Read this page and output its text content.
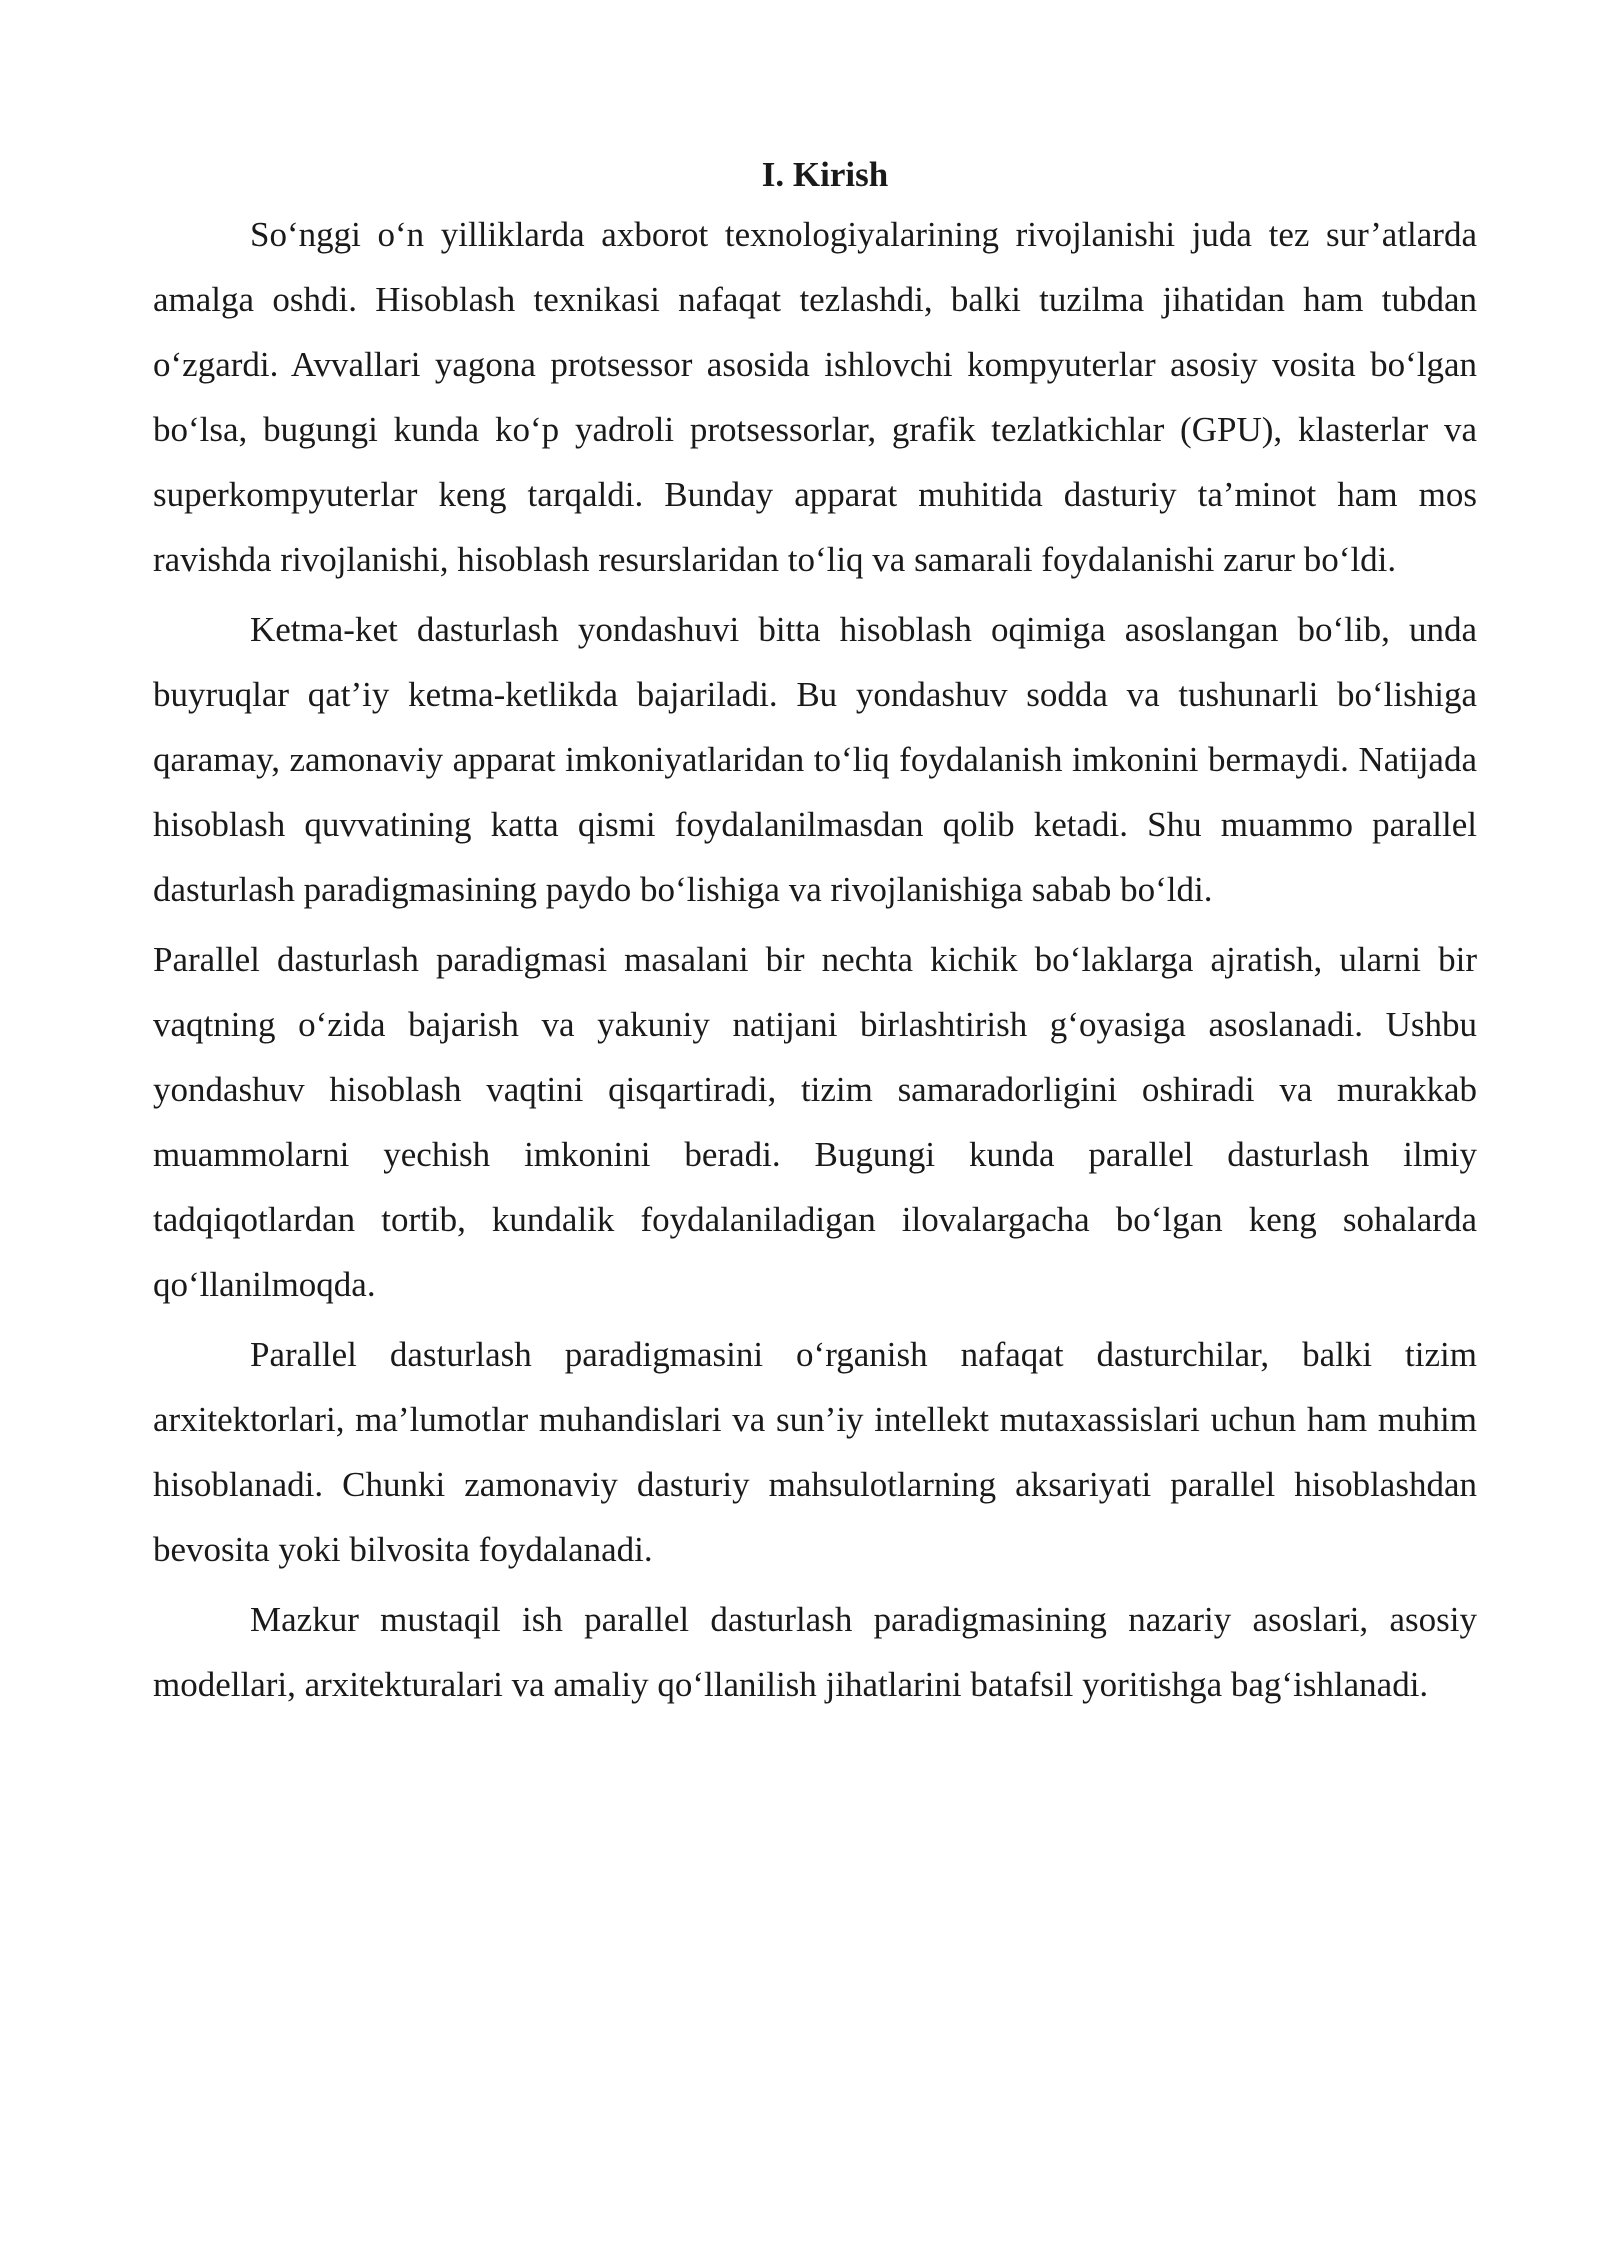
I. Kirish

So‘nggi o‘n yilliklarda axborot texnologiyalarining rivojlanishi juda tez sur’atlarda amalga oshdi. Hisoblash texnikasi nafaqat tezlashdi, balki tuzilma jihatidan ham tubdan o‘zgardi. Avvallari yagona protsessor asosida ishlovchi kompyuterlar asosiy vosita bo‘lgan bo‘lsa, bugungi kunda ko‘p yadroli protsessorlar, grafik tezlatkichlar (GPU), klasterlar va superkompyuterlar keng tarqaldi. Bunday apparat muhitida dasturiy ta’minot ham mos ravishda rivojlanishi, hisoblash resurslaridan to‘liq va samarali foydalanishi zarur bo‘ldi.

Ketma-ket dasturlash yondashuvi bitta hisoblash oqimiga asoslangan bo‘lib, unda buyruqlar qat’iy ketma-ketlikda bajariladi. Bu yondashuv sodda va tushunarli bo‘lishiga qaramay, zamonaviy apparat imkoniyatlaridan to‘liq foydalanish imkonini bermaydi. Natijada hisoblash quvvatining katta qismi foydalanilmasdan qolib ketadi. Shu muammo parallel dasturlash paradigmasining paydo bo‘lishiga va rivojlanishiga sabab bo‘ldi.

Parallel dasturlash paradigmasi masalani bir nechta kichik bo‘laklarga ajratish, ularni bir vaqtning o‘zida bajarish va yakuniy natijani birlashtirish g‘oyasiga asoslanadi. Ushbu yondashuv hisoblash vaqtini qisqartiradi, tizim samaradorligini oshiradi va murakkab muammolarni yechish imkonini beradi. Bugungi kunda parallel dasturlash ilmiy tadqiqotlardan tortib, kundalik foydalaniladigan ilovalargacha bo‘lgan keng sohalarda qo‘llanilmoqda.

Parallel dasturlash paradigmasini o‘rganish nafaqat dasturchilar, balki tizim arxitektorlari, ma’lumotlar muhandislari va sun’iy intellekt mutaxassislari uchun ham muhim hisoblanadi. Chunki zamonaviy dasturiy mahsulotlarning aksariyati parallel hisoblashdan bevosita yoki bilvosita foydalanadi.

Mazkur mustaqil ish parallel dasturlash paradigmasining nazariy asoslari, asosiy modellari, arxitekturalari va amaliy qo‘llanilish jihatlarini batafsil yoritishga bag‘ishlanadi.
